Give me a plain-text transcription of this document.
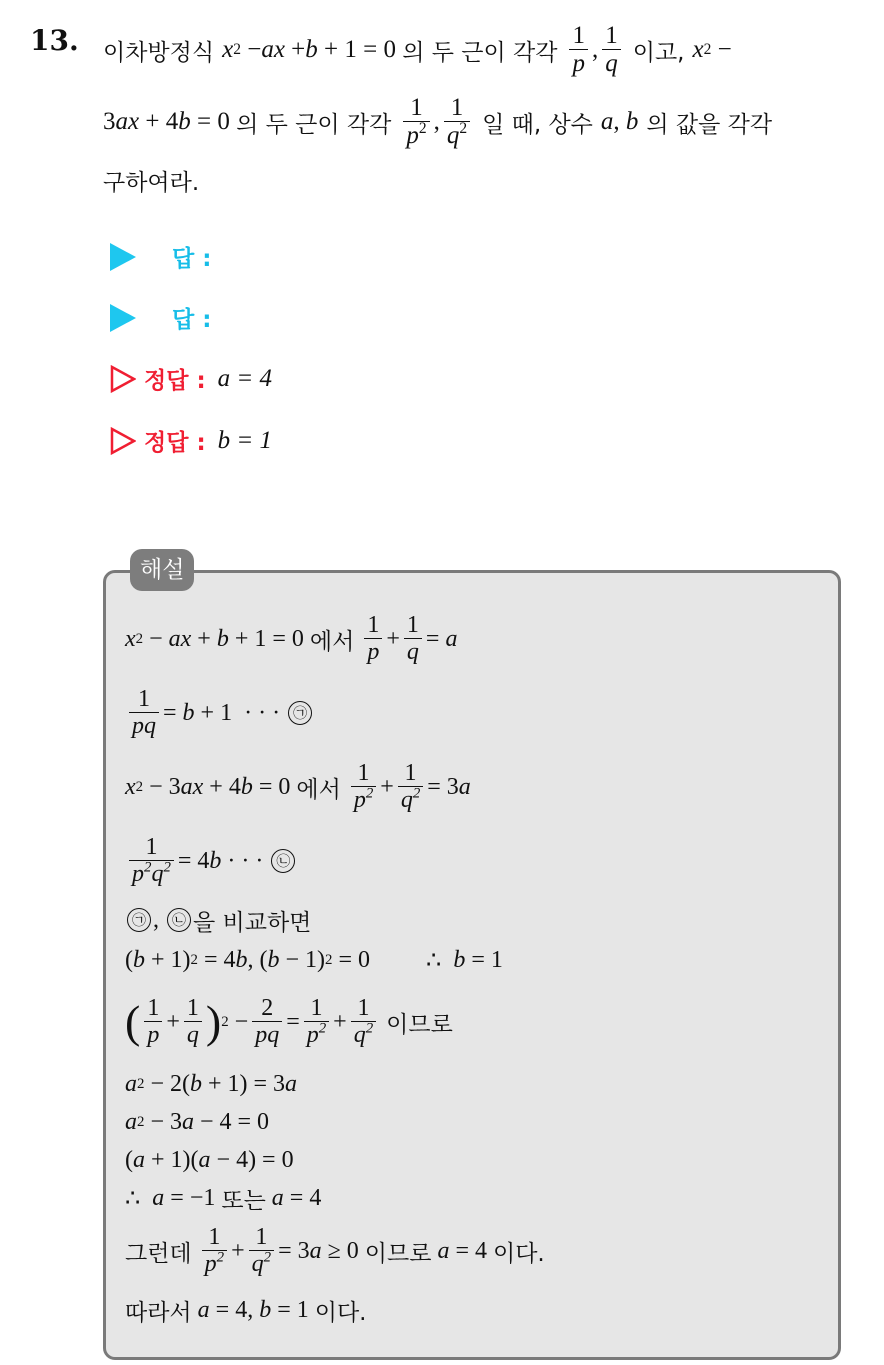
13. 이차방정식 x 2 − ax + b + 1 = 0 의 두 근이 각각 $\frac{1}{p}$ , $\frac{1}{q}$ 이고, x 2 −
3 ax + 4 b = 0 의 두 근이 각각 $\frac{1}{p^2}$ , $\frac{1}{q^2}$ 일 때, 상수 a , b 의 값을 각각
구하여라.
답 :
답 :
정답 : a = 4
정답 : b = 1
해설
x 2 − ax + b + 1 = 0 에서
$\frac{1}{p} + \frac{1}{q} = a$
$\frac{1}{pq} = b + 1$  · · · ㉠
x 2 − 3 ax + 4 b = 0 에서
$\frac{1}{p^2} + \frac{1}{q^2} = 3$ a
$\frac{1}{p^2q^2} = 4$ b · · · ㉡
㉠ , ㉡ 을 비교하면
( b + 1) 2 = 4 b , ( b − 1) 2 = 0
∴ b = 1
( $\frac{1}{p} + \frac{1}{q}$ ) $2 - \frac{2}{pq} = \frac{1}{p^2} + \frac{1}{q^2}$
이므로
a 2 − 2( b + 1) = 3 a
a 2 − 3 a − 4 = 0
( a + 1)( a − 4) = 0
∴ a = −1 또는
a = 4
그런데
$\frac{1}{p^2} + \frac{1}{q^2} = 3$ a ≥ 0 이므로
a = 4 이다.
따라서
a = 4, b = 1 이다.
